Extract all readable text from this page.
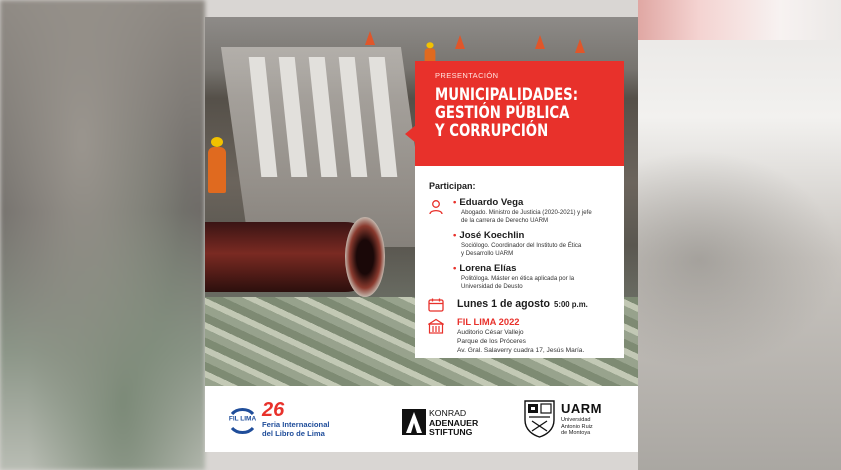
PRESENTACIÓN
MUNICIPALIDADES:
GESTIÓN PÚBLICA
Y CORRUPCIÓN
Participan:
• Eduardo Vega
Abogado. Ministro de Justicia (2020-2021) y jefe
de la carrera de Derecho UARM
• José Koechlin
Sociólogo. Coordinador del Instituto de Ética
y Desarrollo UARM
• Lorena Elías
Politóloga. Máster en ética aplicada por la
Universidad de Deusto
Lunes 1 de agosto 5:00 p.m.
FIL LIMA 2022
Auditorio César Vallejo
Parque de los Próceres
Av. Gral. Salaverry cuadra 17, Jesús María.
FIL LIMA 26
Feria Internacional
del Libro de Lima
KONRAD
ADENAUER
STIFTUNG
UARM
Universidad
Antonio Ruiz
de Montoya
